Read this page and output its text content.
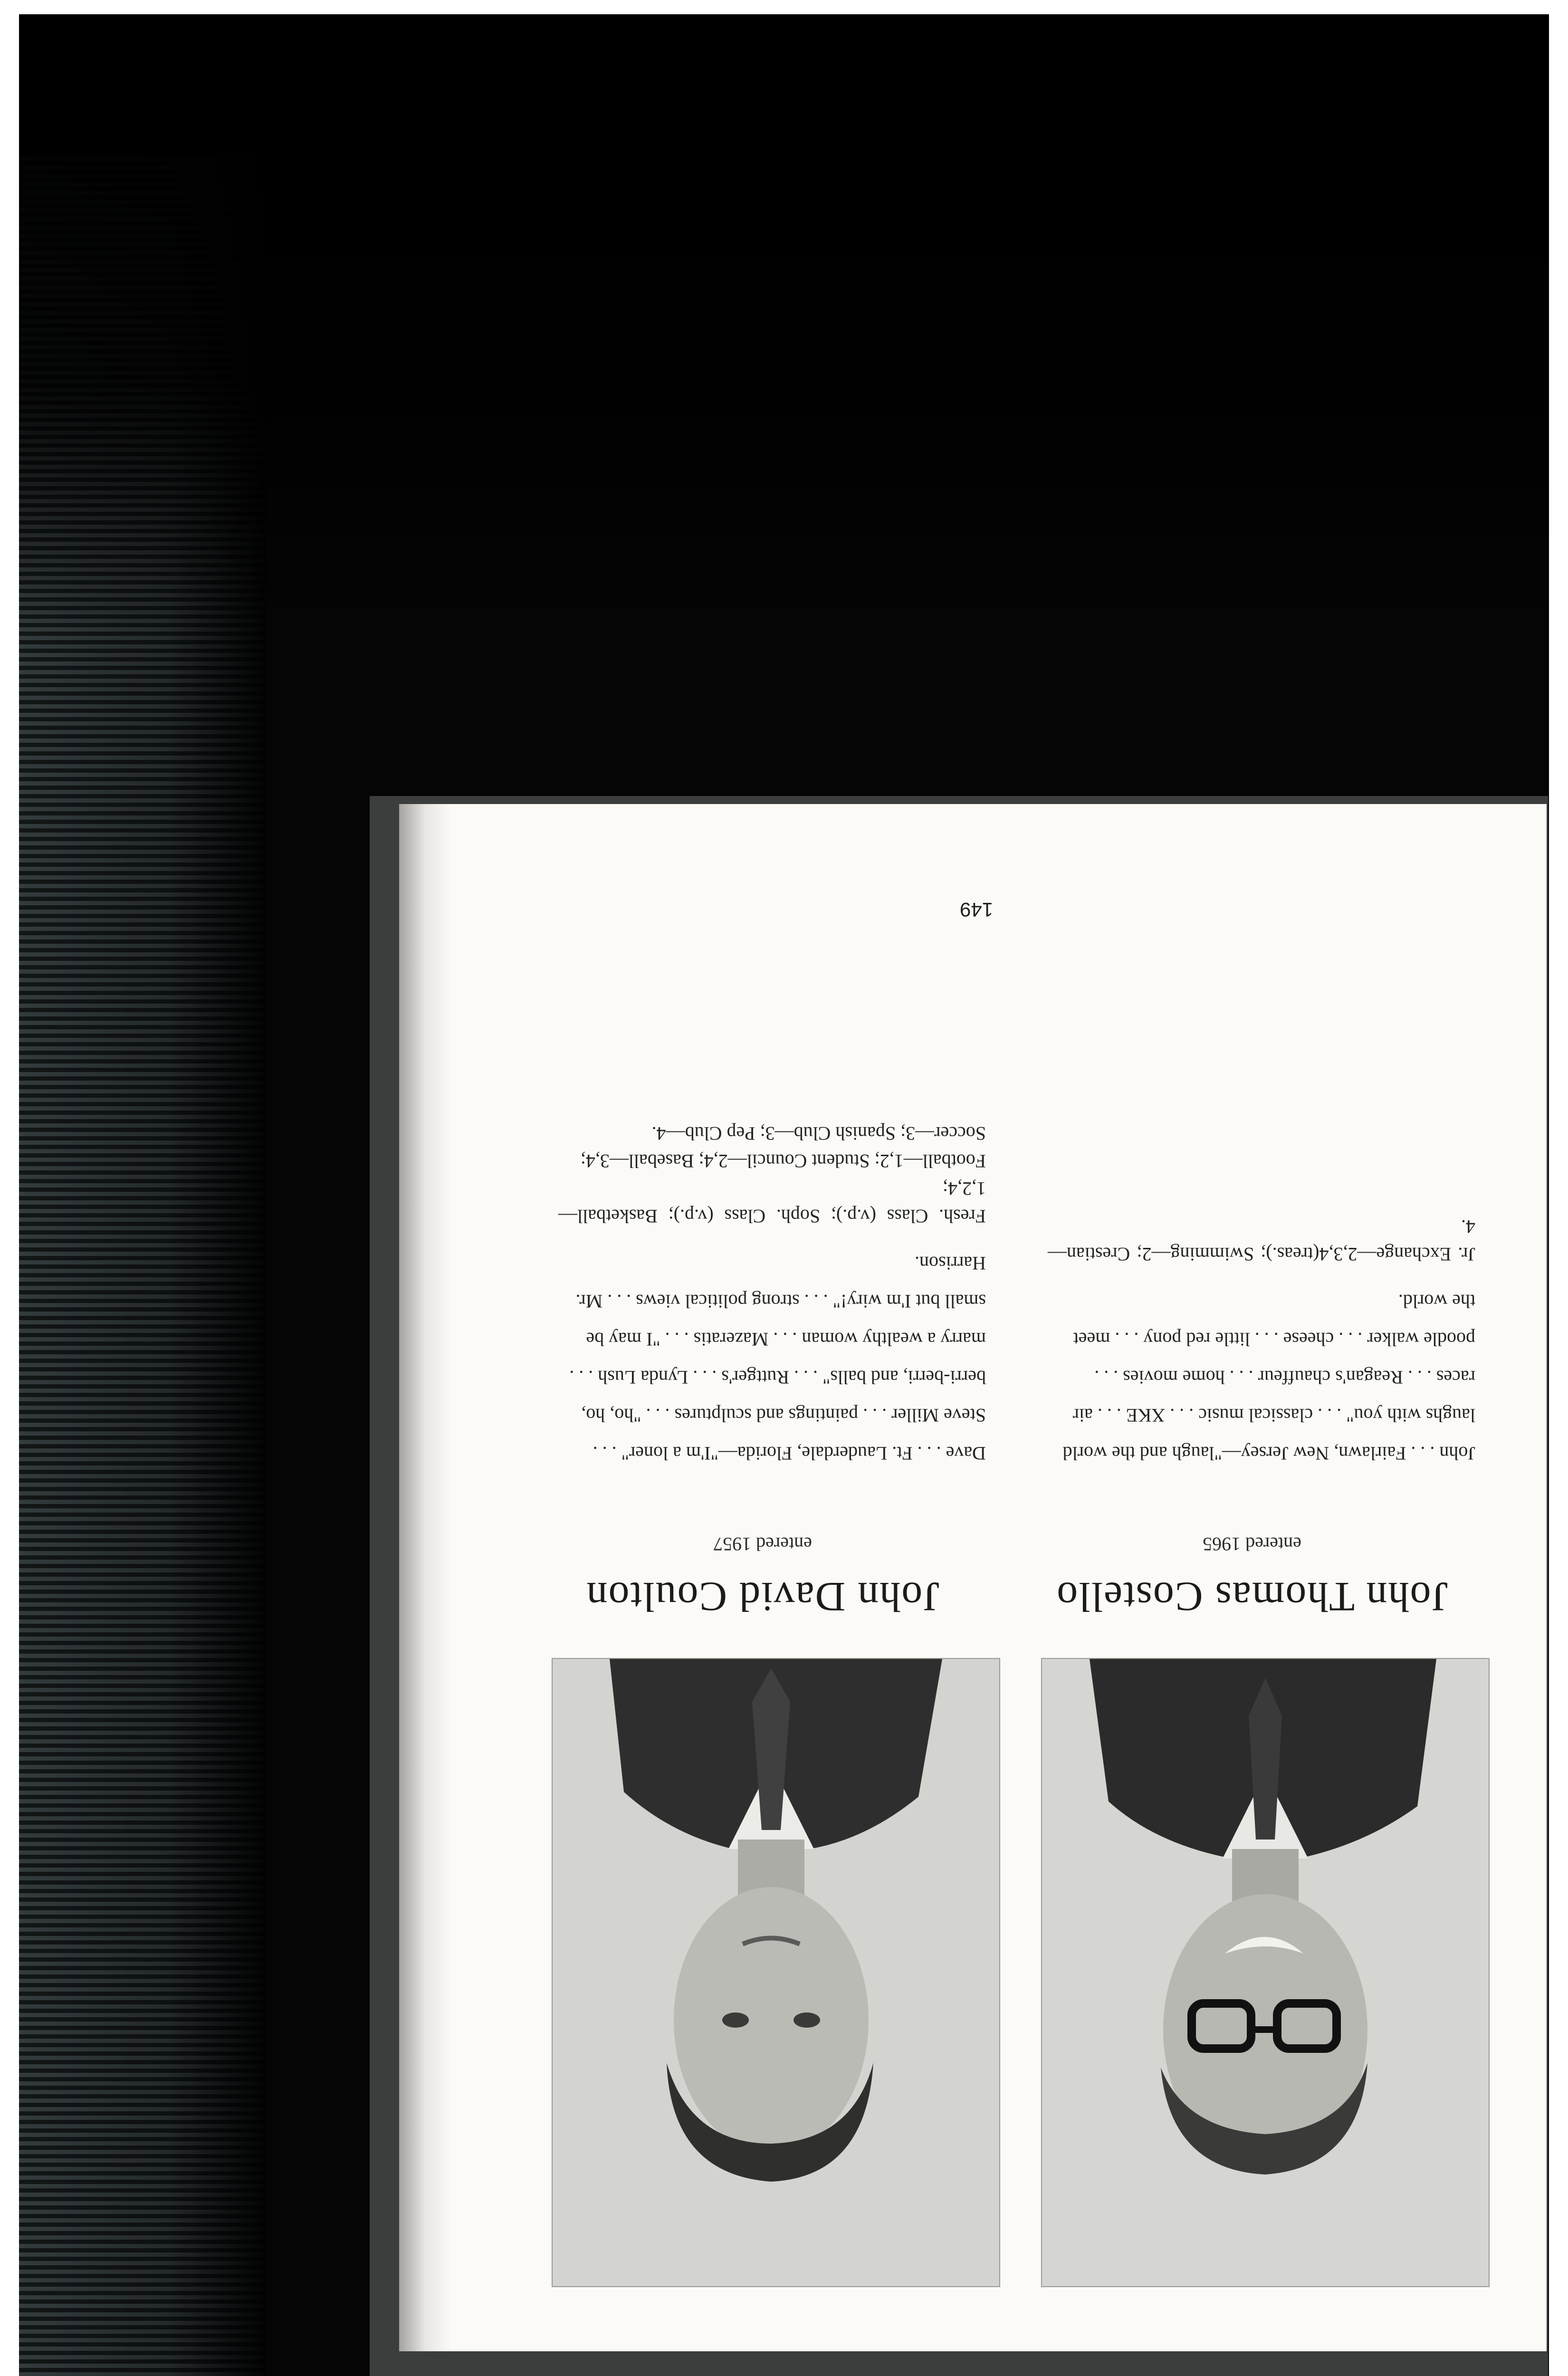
John Thomas Costello
entered 1965

John . . . Fairlawn, New Jersey—"laugh and the world
laughs with you" . . . classical music . . . XKE . . . air
races . . . Reagan's chauffeur . . . home movies . . .
poodle walker . . . cheese . . . little red pony . . . meet
the world.

Jr. Exchange—2,3,4(treas.); Swimming—2; Crestian—4.

John David Coulton
entered 1957

Dave . . . Ft. Lauderdale, Florida—"I'm a loner" . . .
Steve Miller . . . paintings and sculptures . . . "ho, ho,
berri-berri, and balls" . . . Ruttger's . . . Lynda Lush . . .
marry a wealthy woman . . . Mazeratis . . . "I may be
small but I'm wiry!" . . . strong political views . . . Mr.
Harrison.

Fresh. Class (v.p.); Soph. Class (v.p.); Basketball—1,2,4;
Football—1,2; Student Council—2,4; Baseball—3,4;
Soccer—3; Spanish Club—3; Pep Club—4.

149
